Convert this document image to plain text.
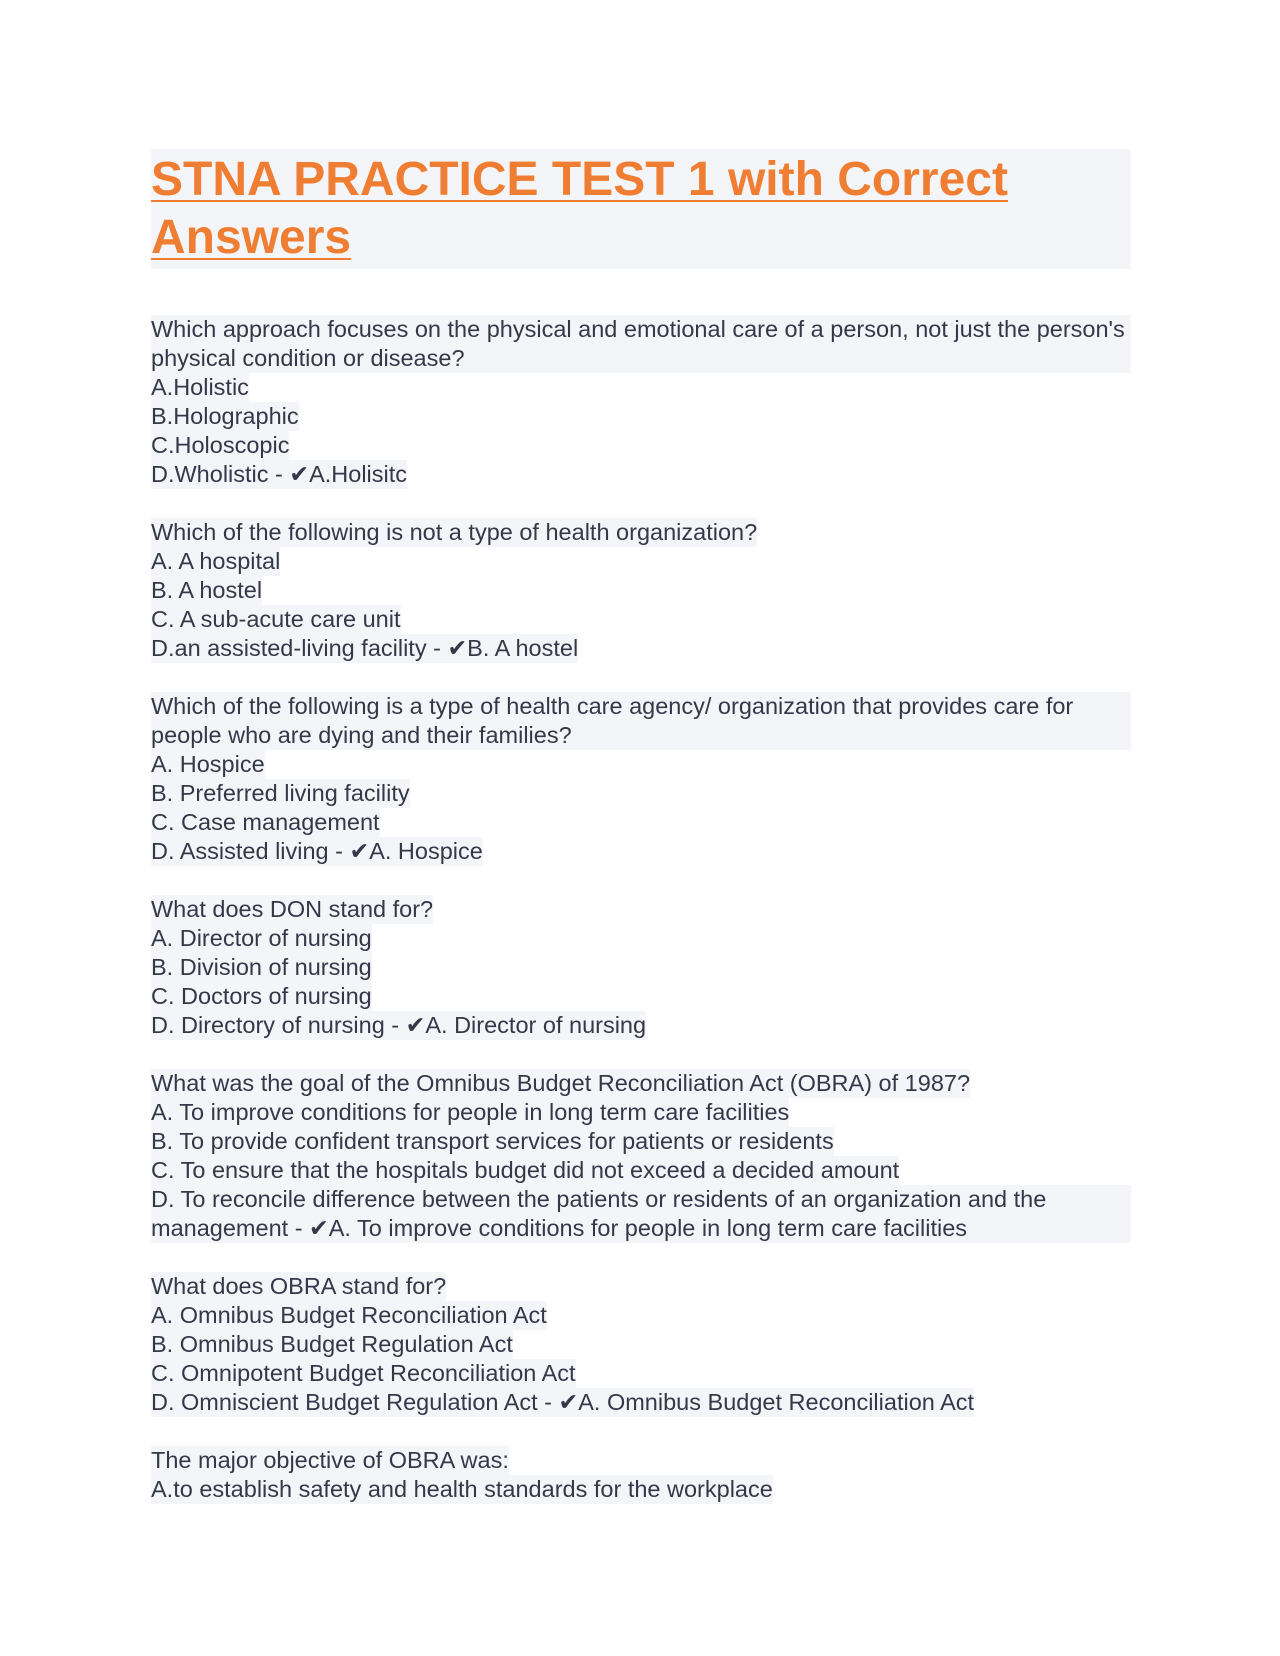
STNA PRACTICE TEST 1 with Correct Answers
Which approach focuses on the physical and emotional care of a person, not just the person's physical condition or disease?
A.Holistic
B.Holographic
C.Holoscopic
D.Wholistic - ✔A.Holisitc
Which of the following is not a type of health organization?
A. A hospital
B. A hostel
C. A sub-acute care unit
D.an assisted-living facility - ✔B. A hostel
Which of the following is a type of health care agency/ organization that provides care for people who are dying and their families?
A. Hospice
B. Preferred living facility
C. Case management
D. Assisted living - ✔A. Hospice
What does DON stand for?
A. Director of nursing
B. Division of nursing
C. Doctors of nursing
D. Directory of nursing - ✔A. Director of nursing
What was the goal of the Omnibus Budget Reconciliation Act (OBRA) of 1987?
A. To improve conditions for people in long term care facilities
B. To provide confident transport services for patients or residents
C. To ensure that the hospitals budget did not exceed a decided amount
D. To reconcile difference between the patients or residents of an organization and the management - ✔A. To improve conditions for people in long term care facilities
What does OBRA stand for?
A. Omnibus Budget Reconciliation Act
B. Omnibus Budget Regulation Act
C. Omnipotent Budget Reconciliation Act
D. Omniscient Budget Regulation Act - ✔A. Omnibus Budget Reconciliation Act
The major objective of OBRA was:
A.to establish safety and health standards for the workplace
